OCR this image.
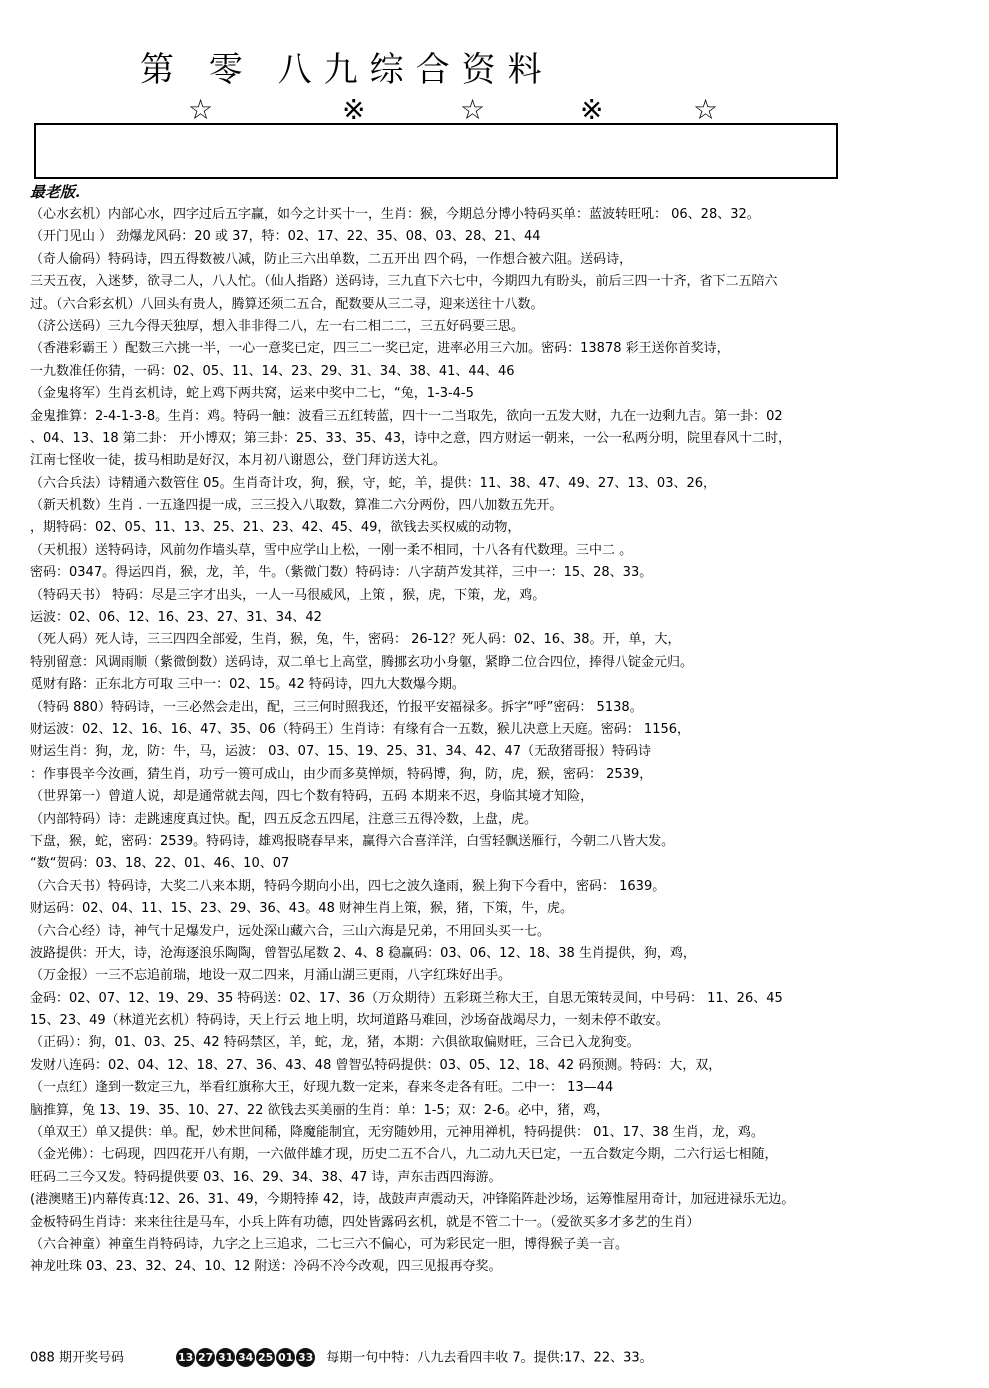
第 零 八九综合资料
☆	※	☆	※	☆
最老版.
（心水玄机）内部心水，四字过后五字赢，如今之计买十一，生肖：猴，今期总分博小特码买单：蓝波转旺吼： 06、28、32。
（开门见山 ） 劲爆龙风码：20 或 37，特：02、17、22、35、08、03、28、21、44
（奇人偷码）特码诗，四五得数被八减，防止三六出单数，二五开出 四个码，一作想合被六阻。送码诗，
三天五夜，入迷梦，欲寻二人，八人忙。（仙人指路）送码诗，三九直下六七中，今期四九有盼头，前后三四一十齐，省下二五陪六
过。（六合彩玄机）八回头有贵人，腾算还须二五合，配数要从三二寻，迎来送往十八数。
（济公送码）三九今得天独厚，想入非非得二八，左一右二相二二，三五好码要三思。
（香港彩霸王 ）配数三六挑一半，一心一意奖已定，四三二一奖已定，进率必用三六加。密码：13878 彩王送你首奖诗，
一九数准任你猜，一码：02、05、11、14、23、29、31、34、38、41、44、46
（金鬼将军）生肖玄机诗，蛇上鸡下两共窝，运来中奖中二七，“兔，1-3-4-5
金鬼推算：2-4-1-3-8。生肖：鸡。特码一触：波看三五红转蓝，四十一二当取先，欲向一五发大财，九在一边剩九吉。第一卦：02
、04、13、18 第二卦： 开小博双；第三卦：25、33、35、43，诗中之意，四方财运一朝来，一公一私两分明，院里春风十二时，
江南七怪收一徒，拔马相助是好汉，本月初八谢恩公，登门拜访送大礼。
（六合兵法）诗精通六数管住 05。生肖奇计攻，狗，猴，守，蛇，羊，提供：11、38、47、49、27、13、03、26，
（新天机数）生肖 . 一五逢四提一成，三三投入八取数，算准二六分两份，四八加数五先开。
，期特码：02、05、11、13、25、21、23、42、45、49，欲钱去买权威的动物，
（天机报）送特码诗，风前勿作墙头草，雪中应学山上松，一刚一柔不相同，十八各有代数理。三中二 。
密码：0347。得运四肖，猴，龙，羊，牛。（紫微门数）特码诗：八字葫芦发其祥，三中一：15、28、33。
（特码天书） 特码：尽是三字才出头，一人一马很威风，上策 ，猴，虎，下策，龙，鸡。
运波：02、06、12、16、23、27、31、34、42
（死人码）死人诗，三三四四全部爱，生肖，猴，兔，牛，密码： 26-12？死人码：02、16、38。开，单，大，
特别留意：风调雨顺（紫微倒数）送码诗，双二单七上高堂，腾挪玄功小身躯，紧睁二位合四位，捧得八锭金元归。
觅财有路：正东北方可取 三中一：02、15。42 特码诗，四九大数爆今期。
（特码 880）特码诗，一三必然会走出，配，三三何时照我还，竹报平安福禄多。拆字“呼”密码： 5138。
财运波：02、12、16、16、47、35、06（特码王）生肖诗：有缘有合一五数，猴儿决意上天庭。密码： 1156，
财运生肖：狗，龙，防：牛，马，运波： 03、07、15、19、25、31、34、42、47（无敌猪哥报）特码诗
：作事畏辛今汝画，猜生肖，功亏一篑可成山，由少而多莫惮烦，特码博，狗，防，虎，猴，密码： 2539，
（世界第一）曾道人说，却是通常就去闯，四七个数有特码，五码 本期来不迟，身临其境才知险，
（内部特码）诗：走跳速度真过快。配，四五反念五四尾，注意三五得冷数，上盘，虎。
下盘，猴，蛇，密码：2539。特码诗，雄鸡报晓春早来，赢得六合喜洋洋，白雪轻飘送雁行，今朝二八皆大发。
“数“贺码：03、18、22、01、46、10、07
（六合天书）特码诗，大奖二八来本期，特码今期向小出，四七之波久逢雨，猴上狗下今看中，密码： 1639。
财运码：02、04、11、15、23、29、36、43。48 财神生肖上策，猴，猪，下策，牛，虎。
（六合心经）诗，神气十足爆发户，远处深山藏六合，三山六海是兄弟，不用回头买一七。
波路提供：开大，诗，沧海逐浪乐陶陶，曾智弘尾数 2、4、8 稳赢码：03、06、12、18、38 生肖提供，狗，鸡，
（万金报）一三不忘追前瑞，地设一双二四来，月涌山湖三更雨，八字红珠好出手。
金码：02、07、12、19、29、35 特码送：02、17、36（万众期待）五彩斑兰称大王，自思无策转灵间，中号码： 11、26、45
15、23、49（林道光玄机）特码诗，天上行云 地上明，坎坷道路马难回，沙场奋战竭尽力，一刻未停不敢安。
（正码）：狗，01、03、25、42 特码禁区，羊，蛇，龙，猪，本期：六俱欲取偏财旺，三合已入龙狗变。
发财八连码：02、04、12、18、27、36、43、48 曾智弘特码提供：03、05、12、18、42 码预测。特码：大，双，
（一点红）逢到一数定三九，举看红旗称大王，好现九数一定来，春来冬走各有旺。二中一： 13—44
脑推算，兔 13、19、35、10、27、22 欲钱去买美丽的生肖：单：1-5；双：2-6。必中，猪，鸡，
（单双王）单又提供：单。配，妙术世间稀，降魔能制宜，无穷随妙用，元神用禅机，特码提供： 01、17、38 生肖，龙，鸡。
（金光佛）：七码现，四四花开八有期，一六做伴雄才现，历史二五不合八，九二动九天已定，一五合数定今期，二六行运七相随，
旺码二三今又发。特码提供要 03、16、29、34、38、47 诗，声东击西四海游。
(港澳赌王)内幕传真:12、26、31、49，今期特捧 42，诗，战鼓声声震动天，冲锋陷阵赴沙场，运筹惟屋用奇计，加冠进禄乐无边。
金板特码生肖诗：来来往往是马车，小兵上阵有功德，四处皆露码玄机，就是不管二十一。（爱欲买多才多艺的生肖）
（六合神童）神童生肖特码诗，九字之上三追求，二七三六不偏心，可为彩民定一胆，博得猴子美一言。
神龙吐珠 03、23、32、24、10、12 附送：冷码不冷今改观，四三见报再夺奖。
088 期开奖号码	13 27 31 34 25 01 33 每期一句中特：八九去看四丰收 7。提供:17、22、33。
